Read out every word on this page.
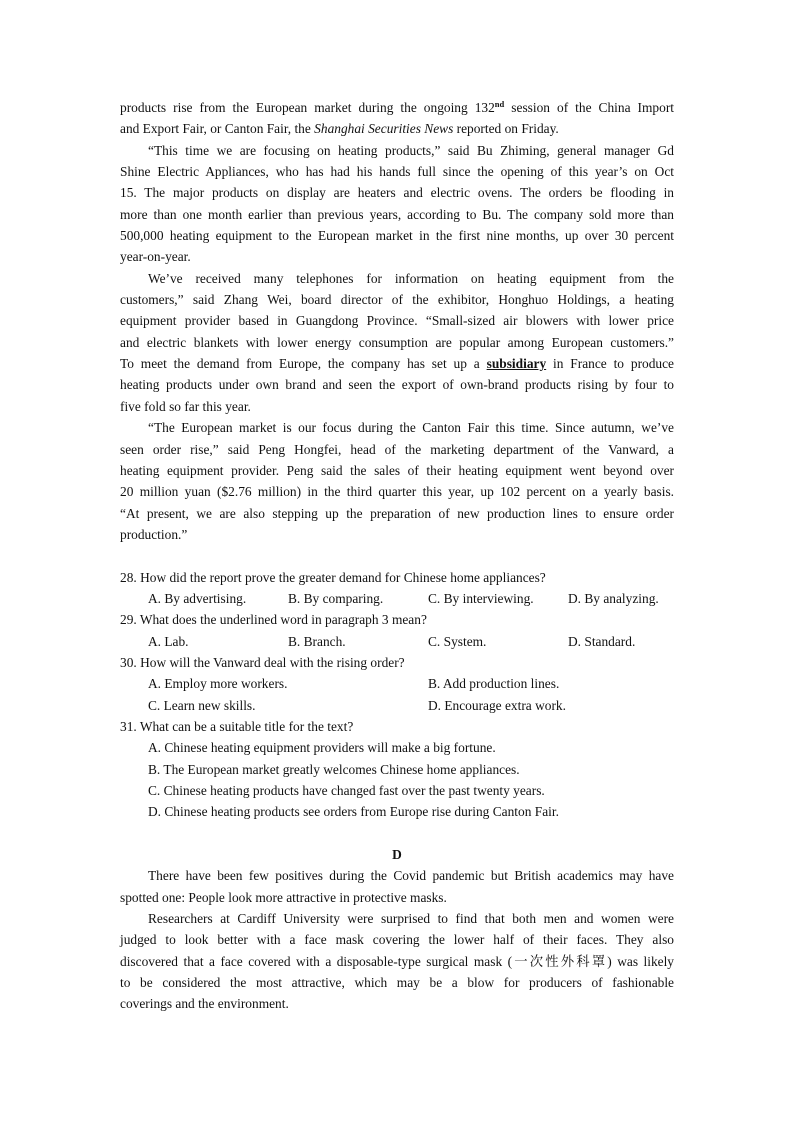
products rise from the European market during the ongoing 132nd session of the China Import
and Export Fair, or Canton Fair, the Shanghai Securities News reported on Friday.
“This time we are focusing on heating products,” said Bu Zhiming, general manager Gd
Shine Electric Appliances, who has had his hands full since the opening of this year’s on Oct
15. The major products on display are heaters and electric ovens. The orders be flooding in
more than one month earlier than previous years, according to Bu. The company sold more than
500,000 heating equipment to the European market in the first nine months, up over 30 percent
year-on-year.
We’ve received many telephones for information on heating equipment from the
customers,” said Zhang Wei, board director of the exhibitor, Honghuo Holdings, a heating
equipment provider based in Guangdong Province. “Small-sized air blowers with lower price
and electric blankets with lower energy consumption are popular among European customers.”
To meet the demand from Europe, the company has set up a subsidiary in France to produce
heating products under own brand and seen the export of own-brand products rising by four to
five fold so far this year.
“The European market is our focus during the Canton Fair this time. Since autumn, we’ve
seen order rise,” said Peng Hongfei, head of the marketing department of the Vanward, a
heating equipment provider. Peng said the sales of their heating equipment went beyond over
20 million yuan ($2.76 million) in the third quarter this year, up 102 percent on a yearly basis.
“At present, we are also stepping up the preparation of new production lines to ensure order
production.”
28. How did the report prove the greater demand for Chinese home appliances?
A. By advertising.	B. By comparing.	C. By interviewing.	D. By analyzing.
29. What does the underlined word in paragraph 3 mean?
A. Lab.	B. Branch.	C. System.	D. Standard.
30. How will the Vanward deal with the rising order?
A. Employ more workers.	B. Add production lines.
C. Learn new skills.	D. Encourage extra work.
31. What can be a suitable title for the text?
A. Chinese heating equipment providers will make a big fortune.
B. The European market greatly welcomes Chinese home appliances.
C. Chinese heating products have changed fast over the past twenty years.
D. Chinese heating products see orders from Europe rise during Canton Fair.
D
There have been few positives during the Covid pandemic but British academics may have
spotted one: People look more attractive in protective masks.
Researchers at Cardiff University were surprised to find that both men and women were
judged to look better with a face mask covering the lower half of their faces. They also
discovered that a face covered with a disposable-type surgical mask (一次性外科罩) was likely
to be considered the most attractive, which may be a blow for producers of fashionable
coverings and the environment.
